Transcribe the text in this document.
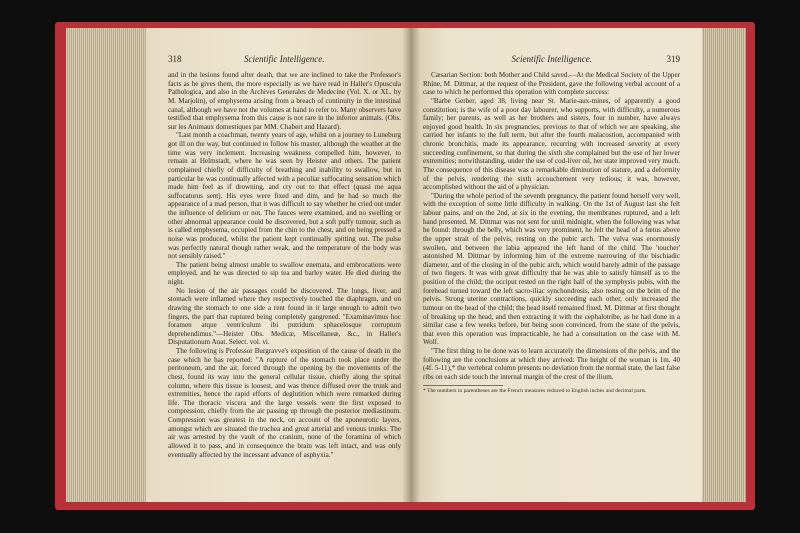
318	Scientific Intelligence.

and in the lesions found after death, that we are inclined to take the Professor's facts as he gives them, the more especially as we have read in Haller's Opuscula Pathologica, and also in the Archives Generales de Medecine (Vol. X. or XL. by M. Marjolin), of emphysema arising from a breach of continuity in the intestinal canal, although we have not the volumes at hand to refer to. Many observers have testified that emphysema from this cause is not rare in the inferior animals. (Obs. sur les Animaux domestiques par MM. Chabert and Hazard).

"Last month a coachman, twenty years of age, whilst on a journey to Luneburg got ill on the way, but continued to follow his master, although the weather at the time was very inclement. Increasing weakness compelled him, however, to remain at Helmstadt, where he was seen by Heister and others. The patient complained chiefly of difficulty of breathing and inability to swallow, but in particular he was continually affected with a peculiar suffocating sensation which made him feel as if drowning, and cry out to that effect (quasi me aqua suffocaturus sent). His eyes were fixed and dim, and he had so much the appearance of a mad person, that it was difficult to say whether he cried out under the influence of delirium or not. The fauces were examined, and no swelling or other abnormal appearance could be discovered, but a soft puffy tumour, such as is called emphysema, occupied from the chin to the chest, and on being pressed a noise was produced, whilst the patient kept continually spitting out. The pulse was perfectly natural though rather weak, and the temperature of the body was not sensibly raised."

The patient being almost unable to swallow enemata, and embrocations were employed, and he was directed to sip tea and barley water. He died during the night.

No lesion of the air passages could be discovered. The lungs, liver, and stomach were inflamed where they respectively touched the diaphragm, and on drawing the stomach to one side a rent found in it large enough to admit two fingers, the part that ruptured being completely gangrened. "Examinavimus hoc foramen atque ventriculum ibi putridum sphacelosque corruptum deprehendimus."—Heister Obs. Medicæ, Miscellaneæ, &c., in Haller's Disputationum Anat. Select. vol. vi.

The following is Professor Burgravve's exposition of the cause of death in the case which he has reported: "A rupture of the stomach took place under the peritoneum, and the air, forced through the opening by the movements of the chest, found its way into the general cellular tissue, chiefly along the spinal column, where this tissue is loosest, and was thence diffused over the trunk and extremities, hence the rapid efforts of deglutition which were remarked during life. The thoracic viscera and the large vessels were the first exposed to compression, chiefly from the air passing up through the posterior mediastinum. Compression was greatest in the neck, on account of the aponeurotic layers, amongst which are situated the trachea and great arterial and venous trunks. The air was arrested by the vault of the cranium, none of the foramina of which allowed it to pass, and in consequence the brain was left intact, and was only eventually affected by the incessant advance of asphyxia."

Scientific Intelligence.	319

Cæsarian Section: both Mother and Child saved.—At the Medical Society of the Upper Rhine, M. Dittmar, at the request of the President, gave the following verbal account of a case to which he performed this operation with complete success:

"Barbe Gerber, aged 38, living near St. Marie-aux-mines, of apparently a good constitution; is the wife of a poor day labourer, who supports, with difficulty, a numerous family; her parents, as well as her brothers and sisters, four in number, have always enjoyed good health. In six pregnancies, previous to that of which we are speaking, she carried her infants to the full term, but after the fourth malacostion, accompanied with chronic bronchitis, made its appearance, recurring with increased severity at every succeeding confinement, so that during the sixth she complained but the use of her lower extremities; notwithstanding, under the use of cod-liver oil, her state improved very much. The consequence of this disease was a remarkable diminution of stature, and a deformity of the pelvis, rendering the sixth accouchement very tedious; it was, however, accomplished without the aid of a physician.

"During the whole period of the seventh pregnancy, the patient found herself very well, with the exception of some little difficulty in walking. On the 1st of August last she felt labour pains, and on the 2nd, at six in the evening, the membranes ruptured, and a left hand presented. M. Dittmar was not sent for until midnight, when the following was what he found: through the belly, which was very prominent, he felt the head of a fœtus above the upper strait of the pelvis, resting on the pubic arch. The vulva was enormously swollen, and between the labia appeared the left hand of the child. The 'toucher' astonished M. Dittmar by informing him of the extreme narrowing of the bischiadic diameter, and of the closing in of the pubic arch, which would barely admit of the passage of two fingers. It was with great difficulty that he was able to satisfy himself as to the position of the child; the occiput rested on the right half of the symphysis pubis, with the forehead turned toward the left sacro-iliac synchondrosis, also resting on the brim of the pelvis. Strong uterine contractions, quickly succeeding each other, only increased the tumour on the head of the child; the head itself remained fixed. M. Dittmar at first thought of breaking up the head, and then extracting it with the cephalotribe, as he had done in a similar case a few weeks before, but being soon convinced, from the state of the pelvis, that even this operation was impracticable, he had a consultation on the case with M. Wolf.

"The first thing to be done was to learn accurately the dimensions of the pelvis, and the following are the conclusions at which they arrived: The height of the woman is 1m. 40 (4f. 5-11),* the vertebral column presents no deviation from the normal state, the last false ribs on each side touch the internal margin of the crest of the ilium.

* The numbers in parentheses are the French measures reduced to English inches and decimal parts.
